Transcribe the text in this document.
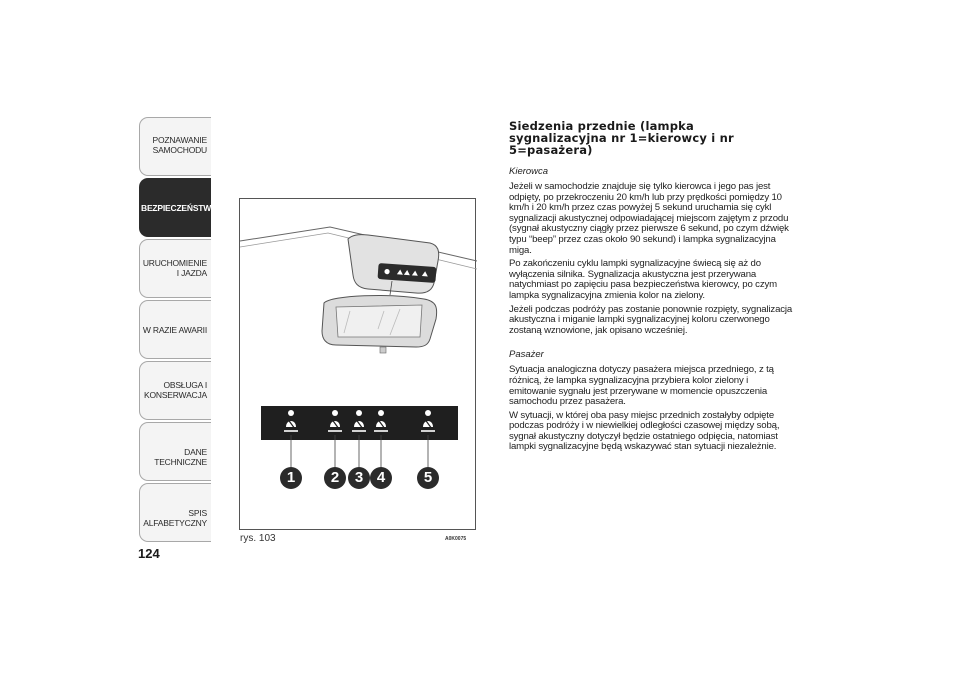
POZNAWANIE SAMOCHODU
BEZPIECZEŃSTWO
URUCHOMIENIE I JAZDA
W RAZIE AWARII
OBSŁUGA I KONSERWACJA
DANE TECHNICZNE
SPIS ALFABETYCZNY
124
1	2	3 4	5
rys. 103	A0K0075
Siedzenia przednie (lampka sygnalizacyjna nr 1=kierowcy i nr 5=pasażera)

Kierowca

Jeżeli w samochodzie znajduje się tylko kierowca i jego pas jest odpięty, po przekroczeniu 20 km/h lub przy prędkości pomiędzy 10 km/h i 20 km/h przez czas powyżej 5 sekund uruchamia się cykl sygnalizacji akustycznej odpowiadającej miejscom zajętym z przodu (sygnał akustyczny ciągły przez pierwsze 6 sekund, po czym dźwięk typu “beep” przez czas około 90 sekund) i lampka sygnalizacyjna miga.

Po zakończeniu cyklu lampki sygnalizacyjne świecą się aż do wyłączenia silnika. Sygnalizacja akustyczna jest przerywana natychmiast po zapięciu pasa bezpieczeństwa kierowcy, po czym lampka sygnalizacyjna zmienia kolor na zielony.

Jeżeli podczas podróży pas zostanie ponownie rozpięty, sygnalizacja akustyczna i miganie lampki sygnalizacyjnej koloru czerwonego zostaną wznowione, jak opisano wcześniej.

Pasażer

Sytuacja analogiczna dotyczy pasażera miejsca przedniego, z tą różnicą, że lampka sygnalizacyjna przybiera kolor zielony i emitowanie sygnału jest przerywane w momencie opuszczenia samochodu przez pasażera.

W sytuacji, w której oba pasy miejsc przednich zostałyby odpięte podczas podróży i w niewielkiej odległości czasowej między sobą, sygnał akustyczny dotyczył będzie ostatniego odpięcia, natomiast lampki sygnalizacyjne będą wskazywać stan sytuacji niezależnie.
